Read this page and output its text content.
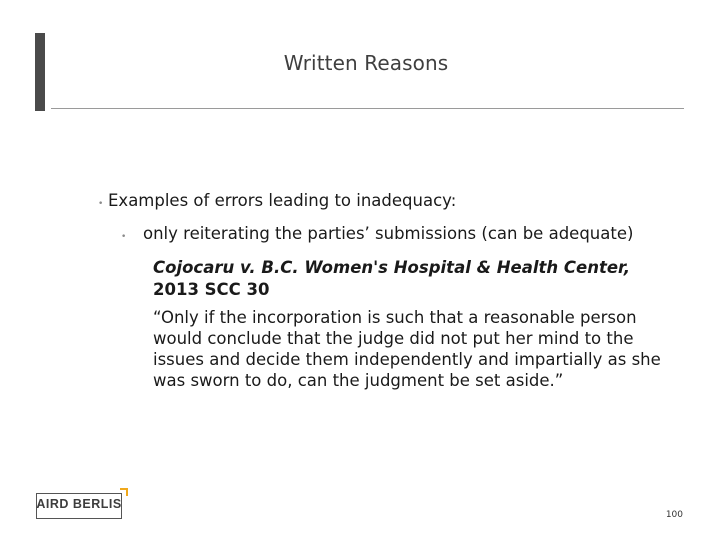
Written Reasons
• Examples of errors leading to inadequacy:
•	only reiterating the parties’ submissions (can be adequate)
Cojocaru v. B.C. Women's Hospital & Health Center, 2013 SCC 30
“Only if the incorporation is such that a reasonable person would conclude that the judge did not put her mind to the issues and decide them independently and impartially as she was sworn to do, can the judgment be set aside.”
AIRD BERLIS
100
